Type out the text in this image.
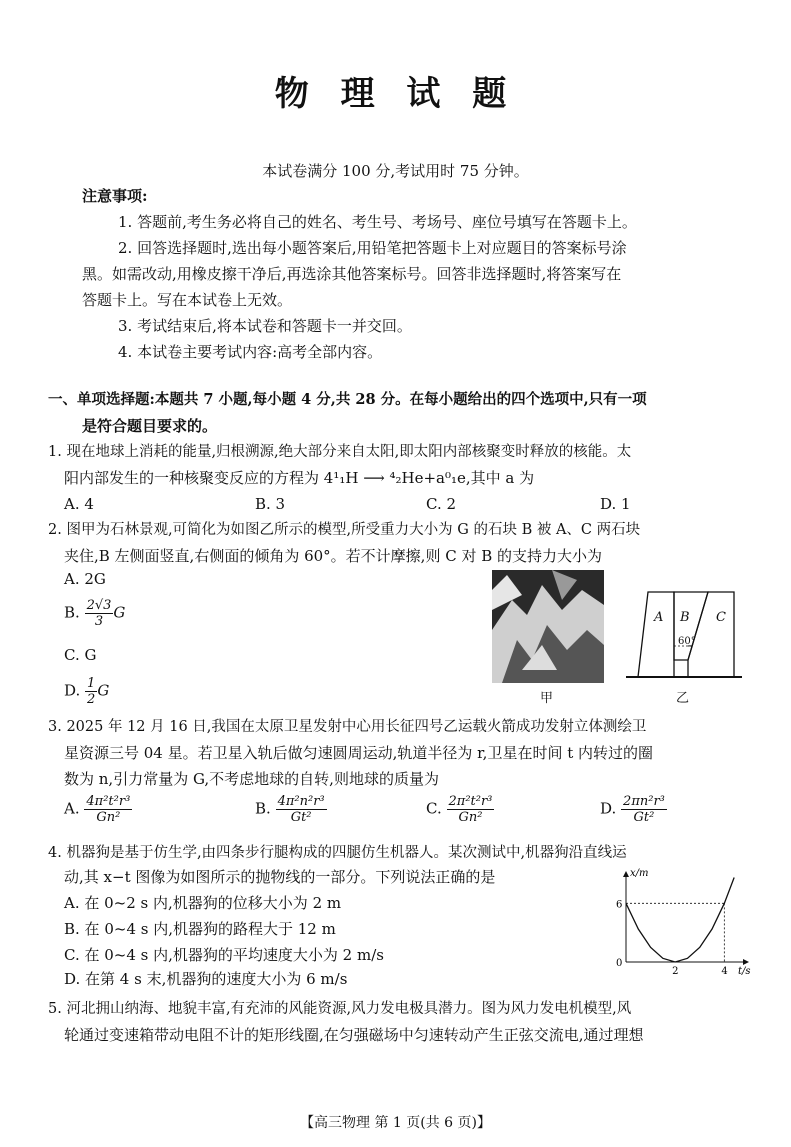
物 理 试 题
本试卷满分 100 分,考试用时 75 分钟。
注意事项:
1. 答题前,考生务必将自己的姓名、考生号、考场号、座位号填写在答题卡上。
2. 回答选择题时,选出每小题答案后,用铅笔把答题卡上对应题目的答案标号涂
黑。如需改动,用橡皮擦干净后,再选涂其他答案标号。回答非选择题时,将答案写在
答题卡上。写在本试卷上无效。
3. 考试结束后,将本试卷和答题卡一并交回。
4. 本试卷主要考试内容:高考全部内容。
一、单项选择题:本题共 7 小题,每小题 4 分,共 28 分。在每小题给出的四个选项中,只有一项
是符合题目要求的。
1. 现在地球上消耗的能量,归根溯源,绝大部分来自太阳,即太阳内部核聚变时释放的核能。太
阳内部发生的一种核聚变反应的方程为 4¹₁H ⟶ ⁴₂He+a⁰₁e,其中 a 为
A. 4	B. 3	C. 2	D. 1
2. 图甲为石林景观,可简化为如图乙所示的模型,所受重力大小为 G 的石块 B 被 A、C 两石块
夹住,B 左侧面竖直,右侧面的倾角为 60°。若不计摩擦,则 C 对 B 的支持力大小为
A. 2G
B. $\frac{2√3}{3}$ G
C. G
D. $\frac{1}{2}$ G	甲
A B C
60°
乙
3. 2025 年 12 月 16 日,我国在太原卫星发射中心用长征四号乙运载火箭成功发射立体测绘卫
星资源三号 04 星。若卫星入轨后做匀速圆周运动,轨道半径为 r,卫星在时间 t 内转过的圈
数为 n,引力常量为 G,不考虑地球的自转,则地球的质量为
A. $\frac{\text{4π²t²r³}}{\text{Gn²}}$	B. $\frac{\text{4π²n²r³}}{\text{Gt²}}$	C. $\frac{\text{2π²t²r³}}{\text{Gn²}}$	D. $\frac{\text{2πn²r³}}{\text{Gt²}}$
4. 机器狗是基于仿生学,由四条步行腿构成的四腿仿生机器人。某次测试中,机器狗沿直线运
动,其 x−t 图像为如图所示的抛物线的一部分。下列说法正确的是
A. 在 0~2 s 内,机器狗的位移大小为 2 m
B. 在 0~4 s 内,机器狗的路程大于 12 m
C. 在 0~4 s 内,机器狗的平均速度大小为 2 m/s
D. 在第 4 s 末,机器狗的速度大小为 6 m/s
0
2	4
6
t/s
x/m
5. 河北拥山纳海、地貌丰富,有充沛的风能资源,风力发电极具潜力。图为风力发电机模型,风
轮通过变速箱带动电阻不计的矩形线圈,在匀强磁场中匀速转动产生正弦交流电,通过理想
【高三物理 第 1 页(共 6 页)】
